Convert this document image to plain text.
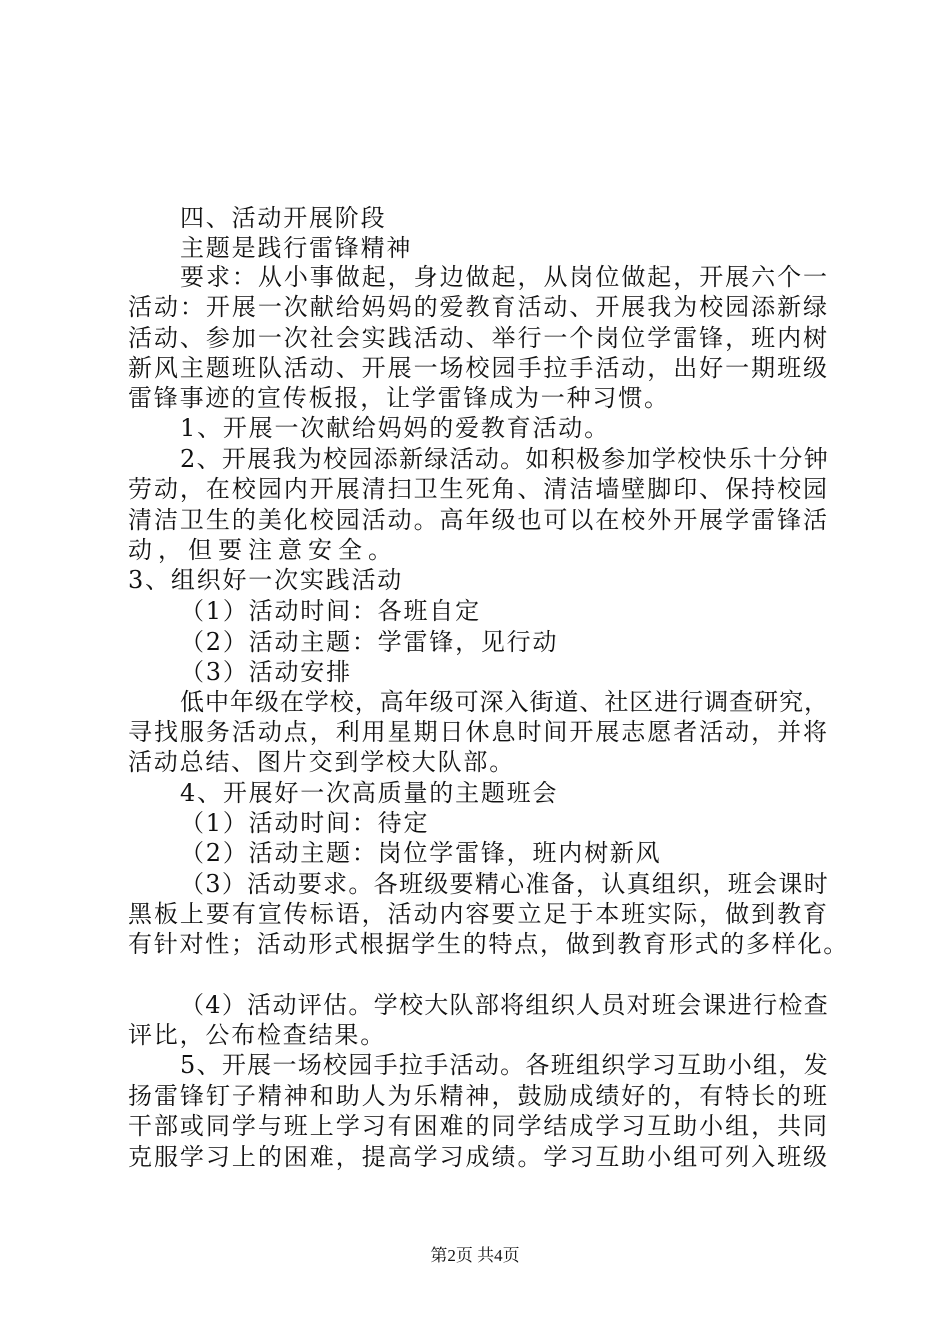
四、活动开展阶段

主题是践行雷锋精神

要求：从小事做起，身边做起，从岗位做起，开展六个一

活动：开展一次献给妈妈的爱教育活动、开展我为校园添新绿

活动、参加一次社会实践活动、举行一个岗位学雷锋，班内树

新风主题班队活动、开展一场校园手拉手活动，出好一期班级

雷锋事迹的宣传板报，让学雷锋成为一种习惯。

1、开展一次献给妈妈的爱教育活动。

2、开展我为校园添新绿活动。如积极参加学校快乐十分钟

劳动，在校园内开展清扫卫生死角、清洁墙壁脚印、保持校园

清洁卫生的美化校园活动。高年级也可以在校外开展学雷锋活

动，但要注意安全。

3、组织好一次实践活动

（1）活动时间：各班自定

（2）活动主题：学雷锋，见行动

（3）活动安排

低中年级在学校，高年级可深入街道、社区进行调查研究，

寻找服务活动点，利用星期日休息时间开展志愿者活动，并将

活动总结、图片交到学校大队部。

4、开展好一次高质量的主题班会

（1）活动时间：待定

（2）活动主题：岗位学雷锋，班内树新风

（3）活动要求。各班级要精心准备，认真组织，班会课时

黑板上要有宣传标语，活动内容要立足于本班实际，做到教育

有针对性；活动形式根据学生的特点，做到教育形式的多样化。

（4）活动评估。学校大队部将组织人员对班会课进行检查

评比，公布检查结果。

5、开展一场校园手拉手活动。各班组织学习互助小组，发

扬雷锋钉子精神和助人为乐精神，鼓励成绩好的，有特长的班

干部或同学与班上学习有困难的同学结成学习互助小组，共同

克服学习上的困难，提高学习成绩。学习互助小组可列入班级

第2页 共4页
